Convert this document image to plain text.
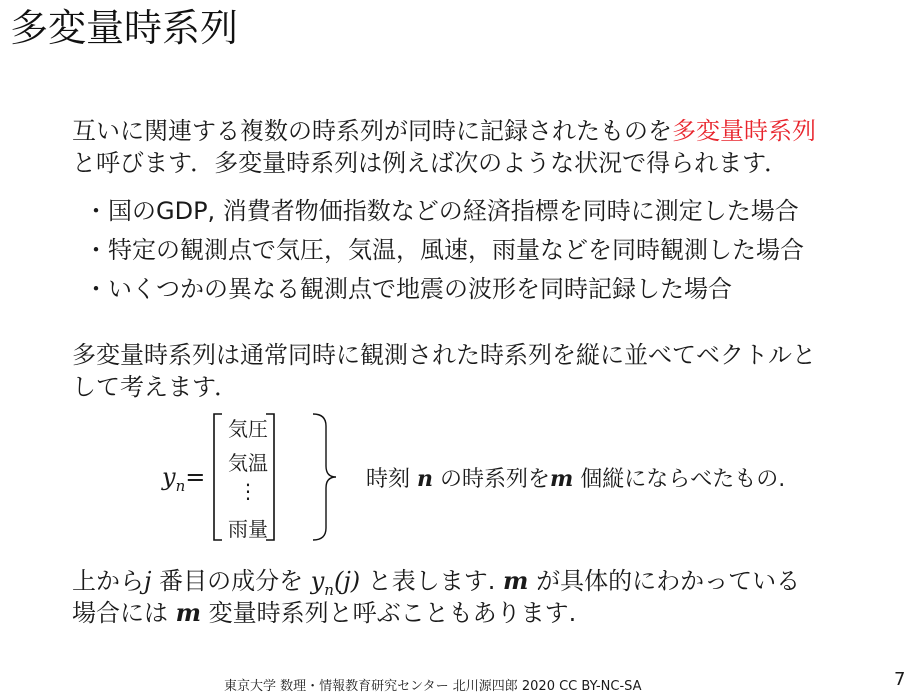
多変量時系列
互いに関連する複数の時系列が同時に記録されたものを多変量時系列
と呼びます．多変量時系列は例えば次のような状況で得られます．
・国のGDP, 消費者物価指数などの経済指標を同時に測定した場合
・特定の観測点で気圧，気温，風速，雨量などを同時観測した場合
・いくつかの異なる観測点で地震の波形を同時記録した場合
多変量時系列は通常同時に観測された時系列を縦に並べてベクトルと
して考えます．
$y_n=$
気圧
気温
⋮
雨量
時刻 n の時系列をm 個縦にならべたもの.
上からj 番目の成分を $y_n(j)$ と表します. m が具体的にわかっている
場合には m 変量時系列と呼ぶこともあります.
東京大学 数理・情報教育研究センター 北川源四郎 2020 CC BY-NC-SA	7
